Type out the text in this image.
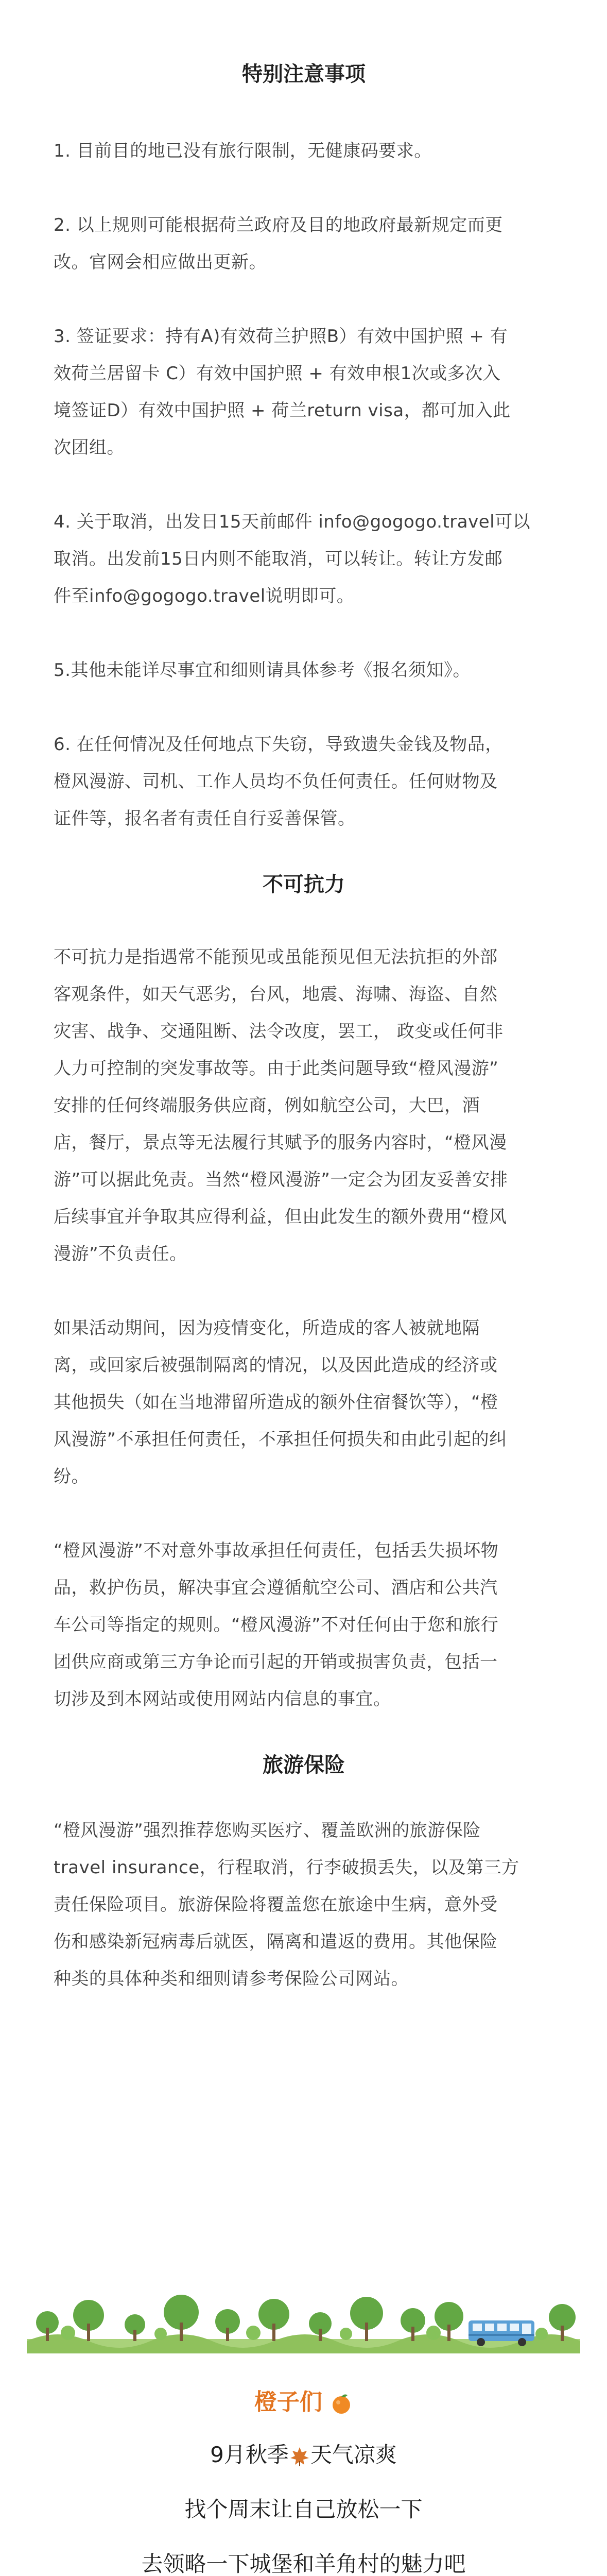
特别注意事项

1. 目前目的地已没有旅行限制，无健康码要求。

2. 以上规则可能根据荷兰政府及目的地政府最新规定而更
改。官网会相应做出更新。

3. 签证要求：持有A)有效荷兰护照B）有效中国护照 + 有
效荷兰居留卡 C）有效中国护照 + 有效申根1次或多次入
境签证D）有效中国护照 + 荷兰return visa，都可加入此
次团组。

4. 关于取消，出发日15天前邮件 info@gogogo.travel可以
取消。出发前15日内则不能取消，可以转让。转让方发邮
件至info@gogogo.travel说明即可。

5.其他未能详尽事宜和细则请具体参考《报名须知》。

6. 在任何情况及任何地点下失窃，导致遗失金钱及物品，
橙风漫游、司机、工作人员均不负任何责任。任何财物及
证件等，报名者有责任自行妥善保管。

不可抗力

不可抗力是指遇常不能预见或虽能预见但无法抗拒的外部
客观条件，如天气恶劣，台风，地震、海啸、海盗、自然
灾害、战争、交通阻断、法令改度，罢工， 政变或任何非
人力可控制的突发事故等。由于此类问题导致“橙风漫游”
安排的任何终端服务供应商，例如航空公司，大巴，酒
店，餐厅，景点等无法履行其赋予的服务内容时，“橙风漫
游”可以据此免责。当然“橙风漫游”一定会为团友妥善安排
后续事宜并争取其应得利益，但由此发生的额外费用“橙风
漫游”不负责任。

如果活动期间，因为疫情变化，所造成的客人被就地隔
离，或回家后被强制隔离的情况，以及因此造成的经济或
其他损失（如在当地滞留所造成的额外住宿餐饮等），“橙
风漫游”不承担任何责任，不承担任何损失和由此引起的纠
纷。

“橙风漫游”不对意外事故承担任何责任，包括丢失损坏物
品，救护伤员，解决事宜会遵循航空公司、酒店和公共汽
车公司等指定的规则。“橙风漫游”不对任何由于您和旅行
团供应商或第三方争论而引起的开销或损害负责，包括一
切涉及到本网站或使用网站内信息的事宜。

旅游保险

“橙风漫游”强烈推荐您购买医疗、覆盖欧洲的旅游保险
travel insurance，行程取消，行李破损丢失，以及第三方
责任保险项目。旅游保险将覆盖您在旅途中生病，意外受
伤和感染新冠病毒后就医，隔离和遣返的费用。其他保险
种类的具体种类和细则请参考保险公司网站。

橙子们

9月秋季 天气凉爽

找个周末让自己放松一下

去领略一下城堡和羊角村的魅力吧
